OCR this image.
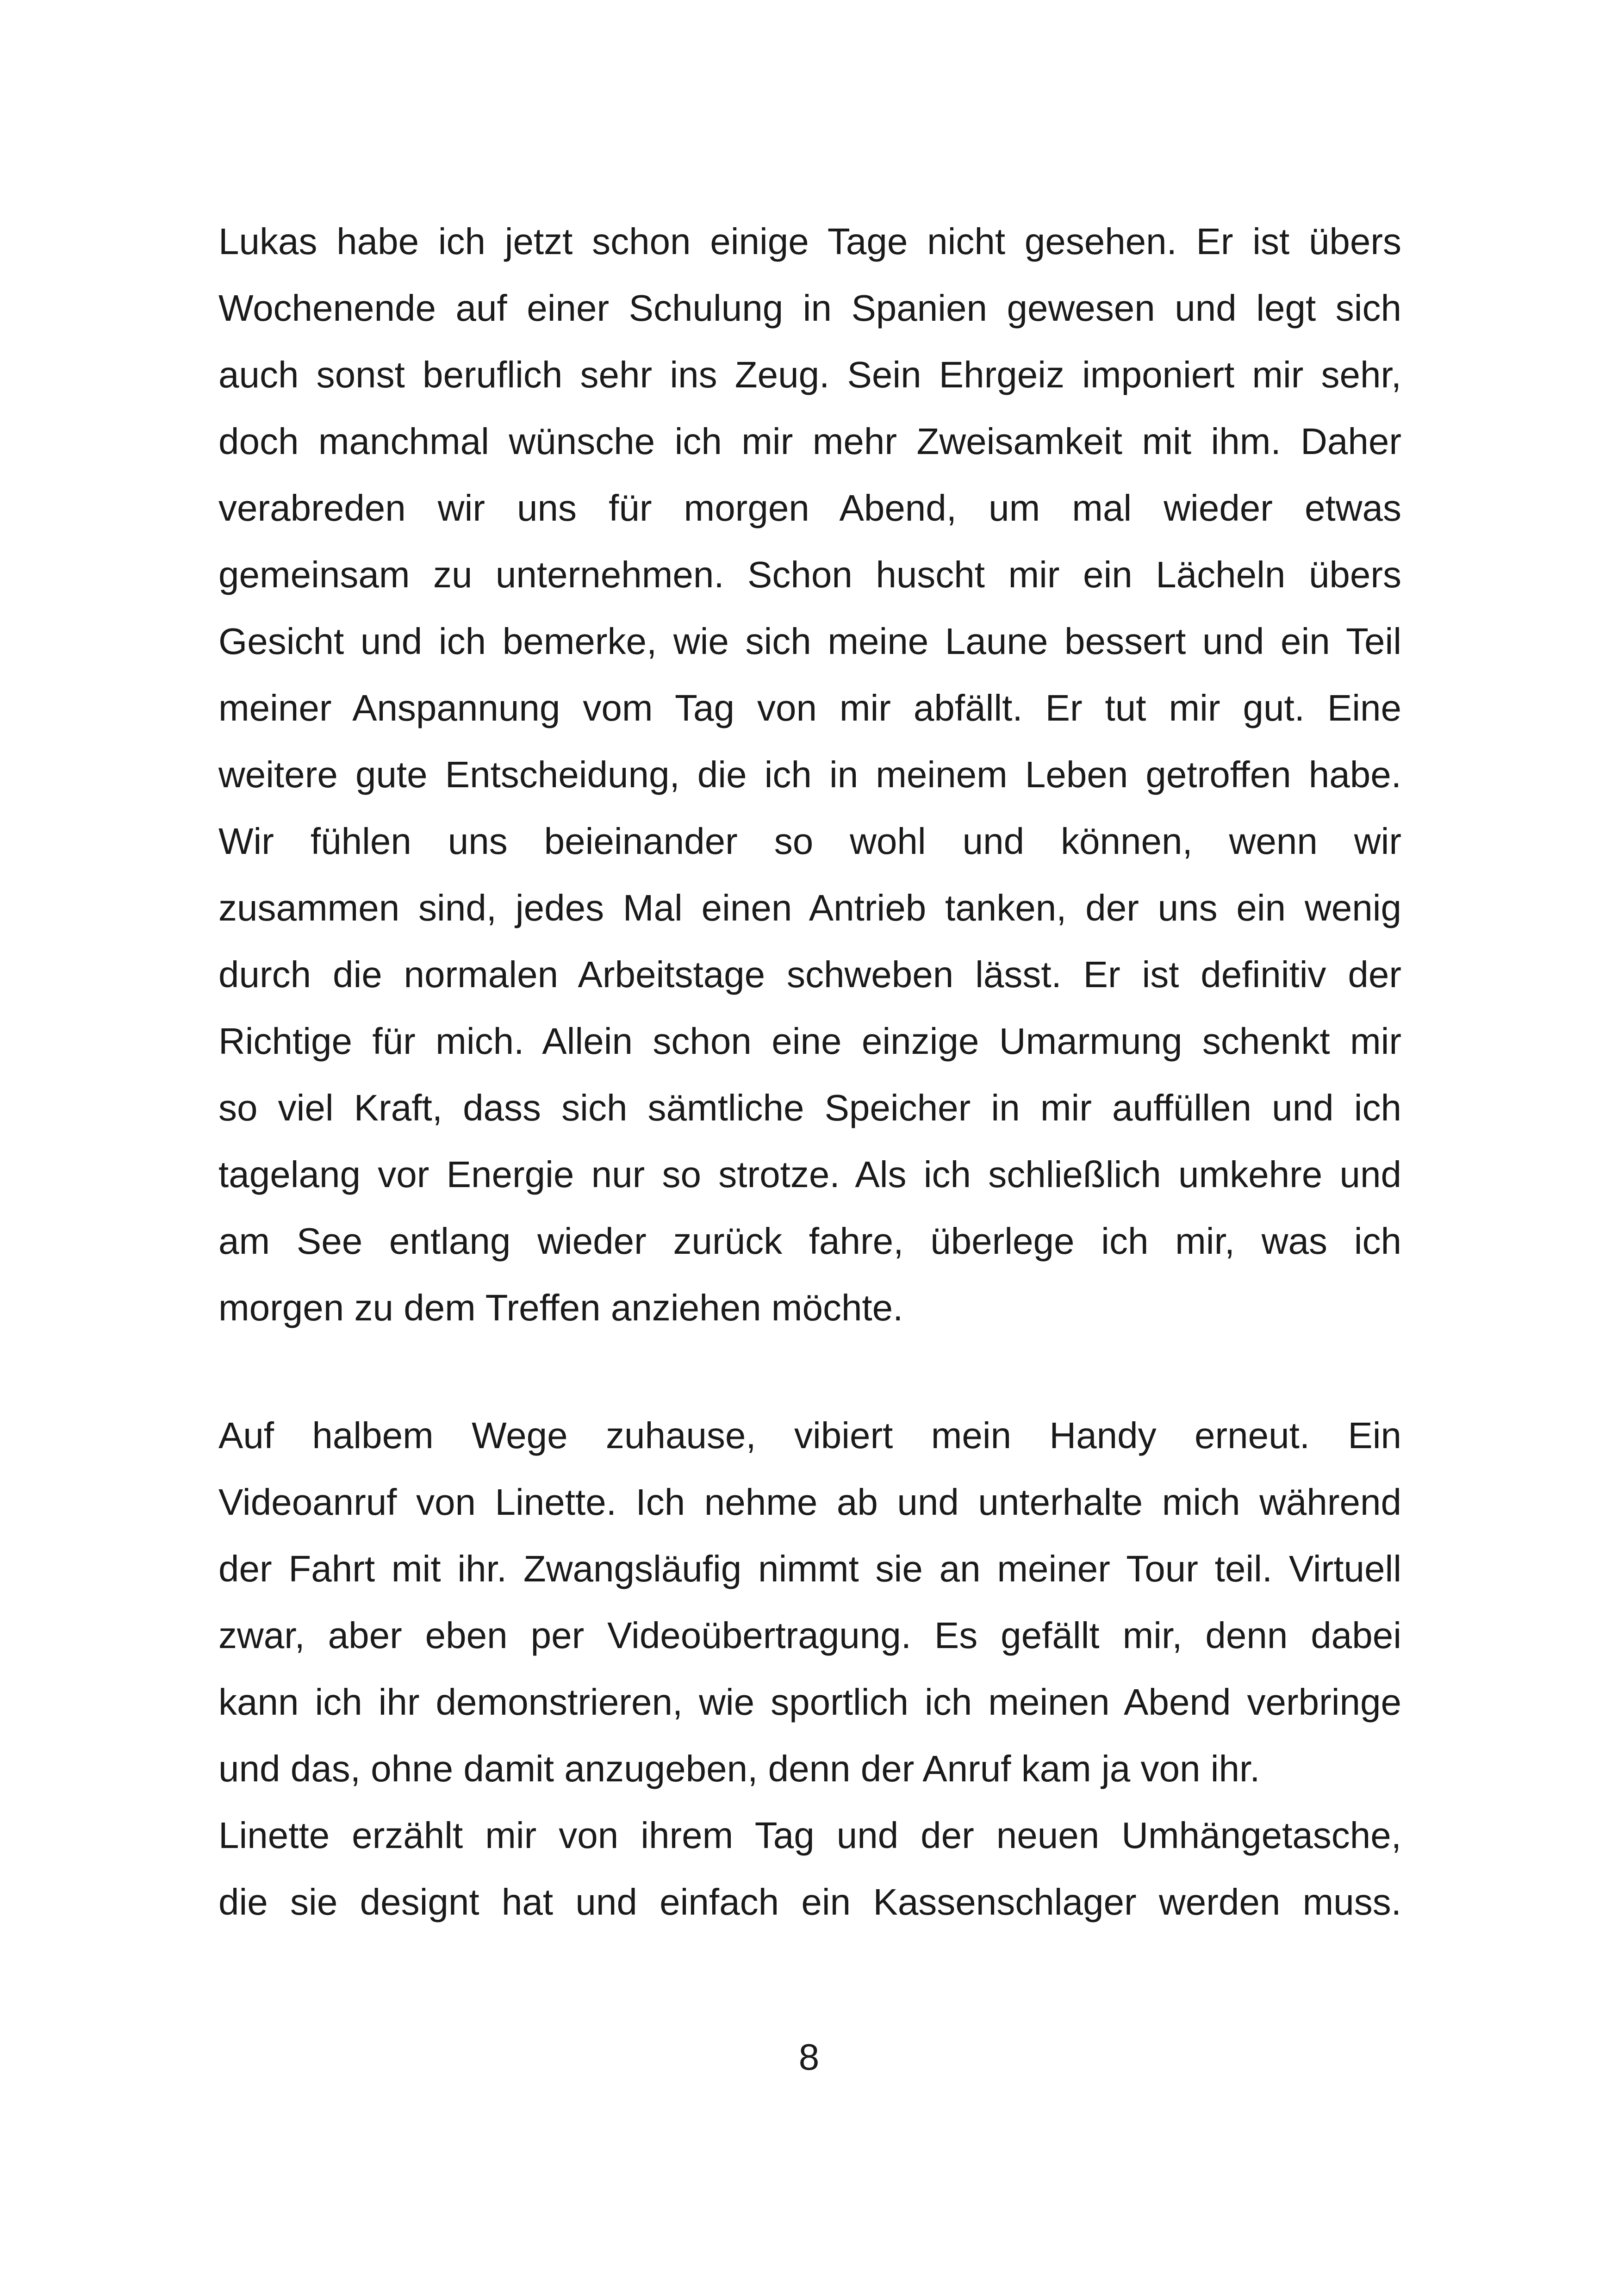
Lukas habe ich jetzt schon einige Tage nicht gesehen. Er ist übers
Wochenende auf einer Schulung in Spanien gewesen und legt sich
auch sonst beruflich sehr ins Zeug. Sein Ehrgeiz imponiert mir sehr,
doch manchmal wünsche ich mir mehr Zweisamkeit mit ihm. Daher
verabreden wir uns für morgen Abend, um mal wieder etwas
gemeinsam zu unternehmen. Schon huscht mir ein Lächeln übers
Gesicht und ich bemerke, wie sich meine Laune bessert und ein Teil
meiner Anspannung vom Tag von mir abfällt. Er tut mir gut. Eine
weitere gute Entscheidung, die ich in meinem Leben getroffen habe.
Wir fühlen uns beieinander so wohl und können, wenn wir
zusammen sind, jedes Mal einen Antrieb tanken, der uns ein wenig
durch die normalen Arbeitstage schweben lässt. Er ist definitiv der
Richtige für mich. Allein schon eine einzige Umarmung schenkt mir
so viel Kraft, dass sich sämtliche Speicher in mir auffüllen und ich
tagelang vor Energie nur so strotze. Als ich schließlich umkehre und
am See entlang wieder zurück fahre, überlege ich mir, was ich
morgen zu dem Treffen anziehen möchte.
Auf halbem Wege zuhause, vibiert mein Handy erneut. Ein
Videoanruf von Linette. Ich nehme ab und unterhalte mich während
der Fahrt mit ihr. Zwangsläufig nimmt sie an meiner Tour teil. Virtuell
zwar, aber eben per Videoübertragung. Es gefällt mir, denn dabei
kann ich ihr demonstrieren, wie sportlich ich meinen Abend verbringe
und das, ohne damit anzugeben, denn der Anruf kam ja von ihr.
Linette erzählt mir von ihrem Tag und der neuen Umhängetasche,
die sie designt hat und einfach ein Kassenschlager werden muss.
8
